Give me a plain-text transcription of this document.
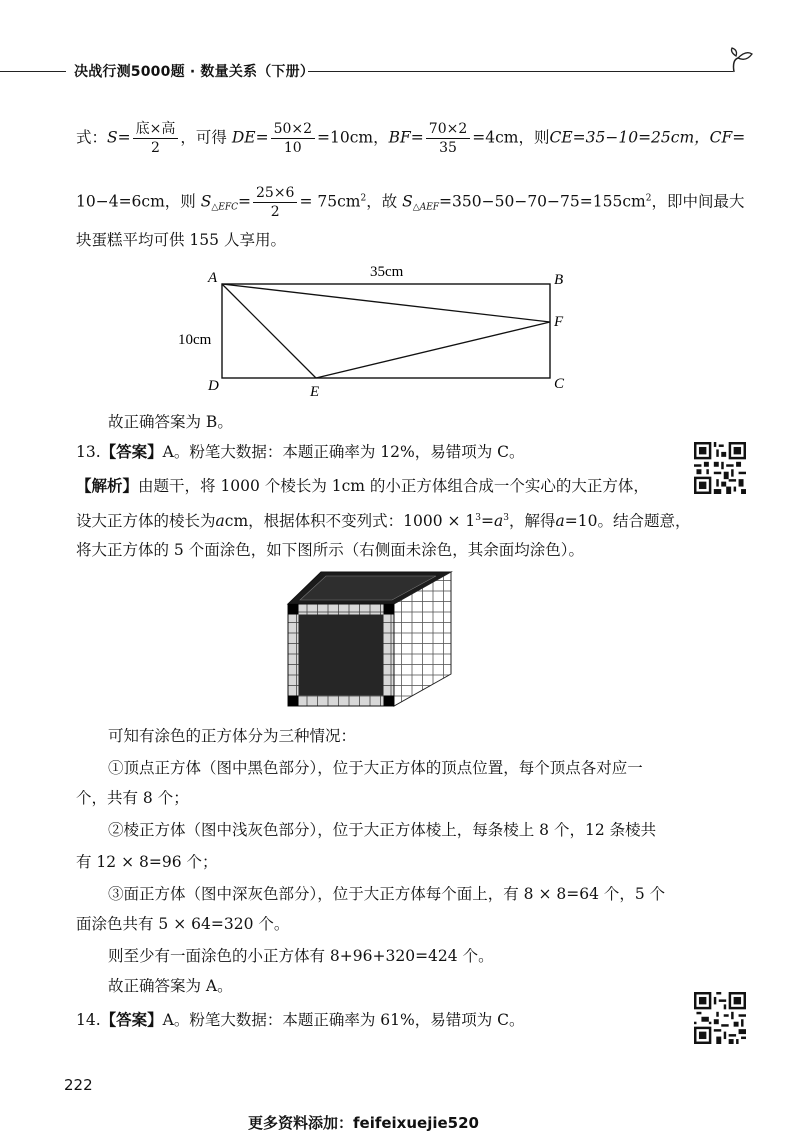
决战行测5000题 · 数量关系（下册）
式：$S= \frac{\text{底×高}}{2}$ ，可得 $DE= \frac{50\times 2}{10} =10cm$，$BF= \frac{70\times 2}{35} =4cm$，则CE=35−10=25cm，CF=
10−4=6cm，则 $S_{\triangle EFC}= \frac{25\times 6}{2} = 75cm^2$，故 $S_{\triangle AEF}=350-50-70-75=155cm^2$，即中间最大
块蛋糕平均可供 155 人享用。
35cm
10cm
A	B
C
D	E
F
故正确答案为 B。
13.【答案】A。粉笔大数据：本题正确率为 12%，易错项为 C。
【解析】由题干，将 1000 个棱长为 1cm 的小正方体组合成一个实心的大正方体，
设大正方体的棱长为acm，根据体积不变列式：$1000 \times 1^3=a^3$，解得a=10。结合题意，
将大正方体的 5 个面涂色，如下图所示（右侧面未涂色，其余面均涂色）。
可知有涂色的正方体分为三种情况：
①顶点正方体（图中黑色部分），位于大正方体的顶点位置，每个顶点各对应一
个，共有 8 个；
②棱正方体（图中浅灰色部分），位于大正方体棱上，每条棱上 8 个，12 条棱共
有 12 × 8=96 个；
③面正方体（图中深灰色部分），位于大正方体每个面上，有 8 × 8=64 个，5 个
面涂色共有 5 × 64=320 个。
则至少有一面涂色的小正方体有 8+96+320=424 个。
故正确答案为 A。
14.【答案】A。粉笔大数据：本题正确率为 61%，易错项为 C。
222
更多资料添加：feifeixuejie520
